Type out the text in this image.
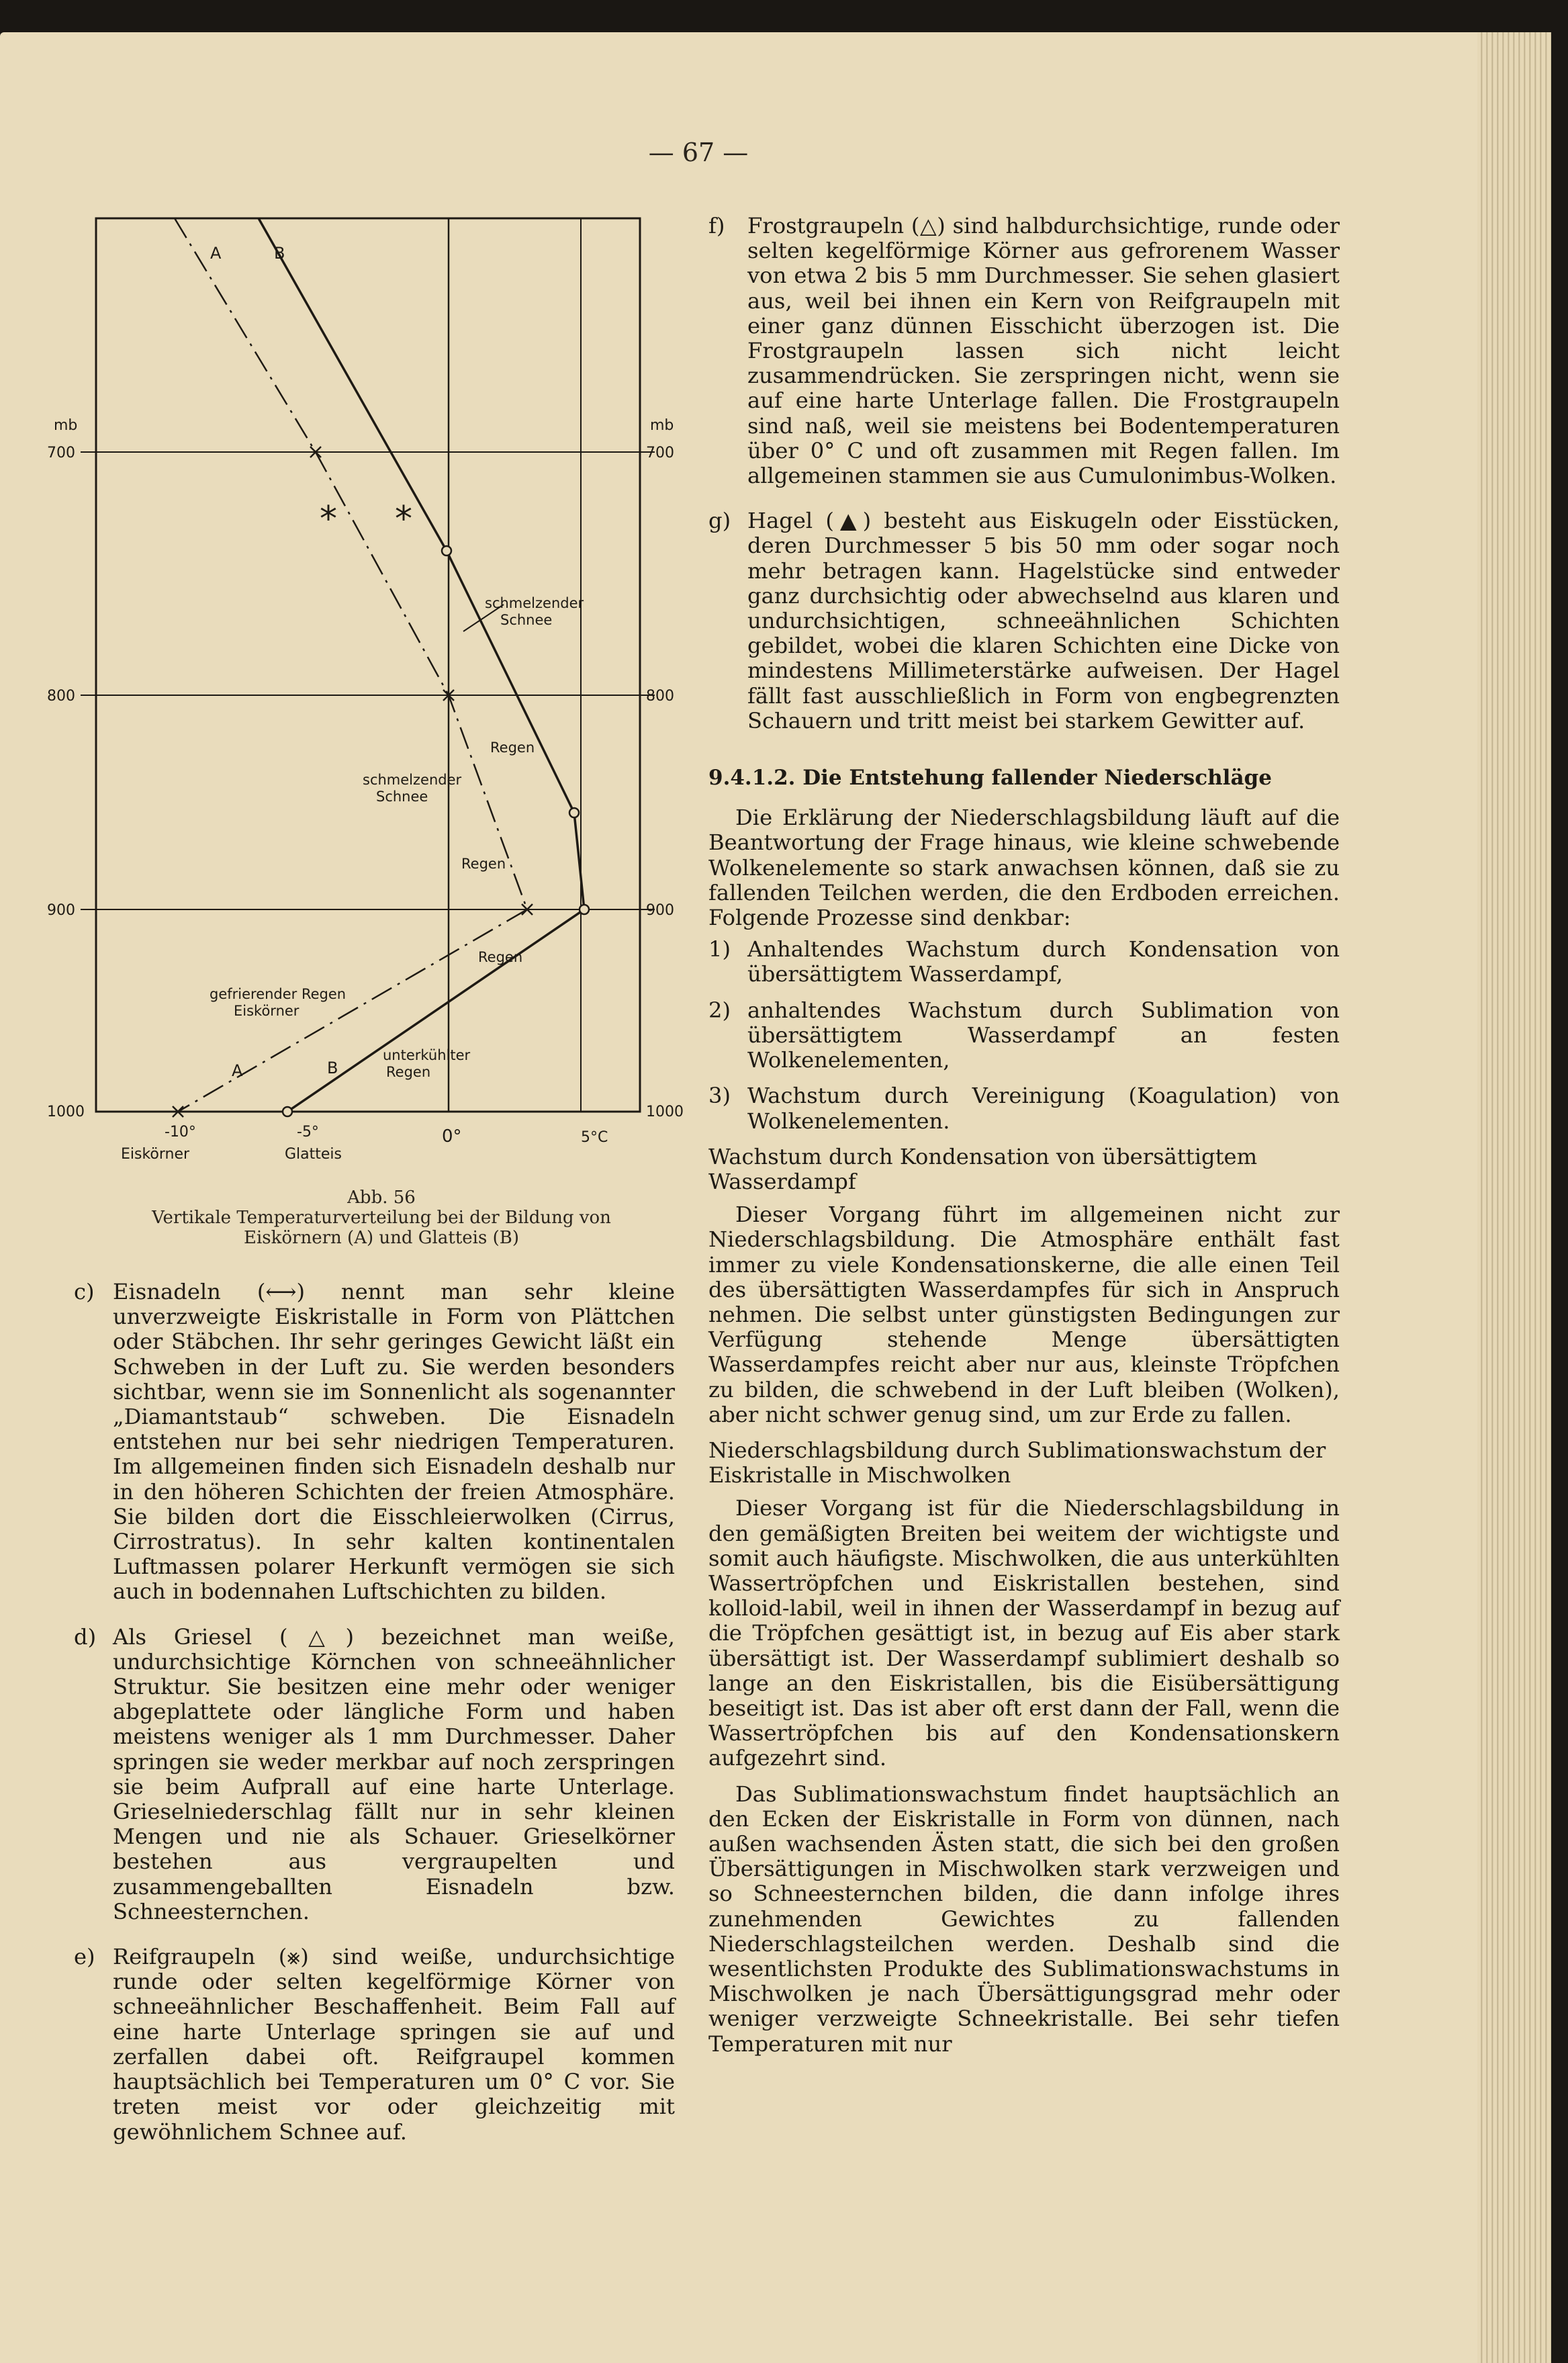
— 67 —
mb	mb
700
800
900
1000
700
800
900
1000
-10°	-5°	0°	5°C
Eiskörner	Glatteis
A	B
A	B
* *
schmelzender
Schnee
Regen
schmelzender
Schnee
Regen
Regen
gefrierender Regen
Eiskörner
unterkühlter
Regen
Abb. 56
Vertikale Temperaturverteilung bei der Bildung von
Eiskörnern (A) und Glatteis (B)

c) Eisnadeln (⟷) nennt man sehr kleine unverzweigte Eiskristalle in Form von Plättchen oder Stäbchen. Ihr sehr geringes Gewicht läßt ein Schweben in der Luft zu. Sie werden besonders sichtbar, wenn sie im Sonnenlicht als sogenannter „Diamantstaub“ schweben. Die Eisnadeln entstehen nur bei sehr niedrigen Temperaturen. Im allgemeinen finden sich Eisnadeln deshalb nur in den höheren Schichten der freien Atmosphäre. Sie bilden dort die Eisschleierwolken (Cirrus, Cirrostratus). In sehr kalten kontinentalen Luftmassen polarer Herkunft vermögen sie sich auch in bodennahen Luftschichten zu bilden.

d) Als Griesel (△) bezeichnet man weiße, undurchsichtige Körnchen von schneeähnlicher Struktur. Sie besitzen eine mehr oder weniger abgeplattete oder längliche Form und haben meistens weniger als 1 mm Durchmesser. Daher springen sie weder merkbar auf noch zerspringen sie beim Aufprall auf eine harte Unterlage. Grieselniederschlag fällt nur in sehr kleinen Mengen und nie als Schauer. Grieselkörner bestehen aus vergraupelten und zusammengeballten Eisnadeln bzw. Schneesternchen.

e) Reifgraupeln (⨳) sind weiße, undurchsichtige runde oder selten kegelförmige Körner von schneeähnlicher Beschaffenheit. Beim Fall auf eine harte Unterlage springen sie auf und zerfallen dabei oft. Reifgraupel kommen hauptsächlich bei Temperaturen um 0° C vor. Sie treten meist vor oder gleichzeitig mit gewöhnlichem Schnee auf.

f) Frostgraupeln (△) sind halbdurchsichtige, runde oder selten kegelförmige Körner aus gefrorenem Wasser von etwa 2 bis 5 mm Durchmesser. Sie sehen glasiert aus, weil bei ihnen ein Kern von Reifgraupeln mit einer ganz dünnen Eisschicht überzogen ist. Die Frostgraupeln lassen sich nicht leicht zusammendrücken. Sie zerspringen nicht, wenn sie auf eine harte Unterlage fallen. Die Frostgraupeln sind naß, weil sie meistens bei Bodentemperaturen über 0° C und oft zusammen mit Regen fallen. Im allgemeinen stammen sie aus Cumulonimbus-Wolken.

g) Hagel (▲) besteht aus Eiskugeln oder Eisstücken, deren Durchmesser 5 bis 50 mm oder sogar noch mehr betragen kann. Hagelstücke sind entweder ganz durchsichtig oder abwechselnd aus klaren und undurchsichtigen, schneeähnlichen Schichten gebildet, wobei die klaren Schichten eine Dicke von mindestens Millimeterstärke aufweisen. Der Hagel fällt fast ausschließlich in Form von engbegrenzten Schauern und tritt meist bei starkem Gewitter auf.

9.4.1.2. Die Entstehung fallender Niederschläge

Die Erklärung der Niederschlagsbildung läuft auf die Beantwortung der Frage hinaus, wie kleine schwebende Wolkenelemente so stark anwachsen können, daß sie zu fallenden Teilchen werden, die den Erdboden erreichen. Folgende Prozesse sind denkbar:

1) Anhaltendes Wachstum durch Kondensation von übersättigtem Wasserdampf,

2) anhaltendes Wachstum durch Sublimation von übersättigtem Wasserdampf an festen Wolkenelementen,

3) Wachstum durch Vereinigung (Koagulation) von Wolkenelementen.

Wachstum durch Kondensation von übersättigtem Wasserdampf

Dieser Vorgang führt im allgemeinen nicht zur Niederschlagsbildung. Die Atmosphäre enthält fast immer zu viele Kondensationskerne, die alle einen Teil des übersättigten Wasserdampfes für sich in Anspruch nehmen. Die selbst unter günstigsten Bedingungen zur Verfügung stehende Menge übersättigten Wasserdampfes reicht aber nur aus, kleinste Tröpfchen zu bilden, die schwebend in der Luft bleiben (Wolken), aber nicht schwer genug sind, um zur Erde zu fallen.

Niederschlagsbildung durch Sublimationswachstum der Eiskristalle in Mischwolken

Dieser Vorgang ist für die Niederschlagsbildung in den gemäßigten Breiten bei weitem der wichtigste und somit auch häufigste. Mischwolken, die aus unterkühlten Wassertröpfchen und Eiskristallen bestehen, sind kolloid-labil, weil in ihnen der Wasserdampf in bezug auf die Tröpfchen gesättigt ist, in bezug auf Eis aber stark übersättigt ist. Der Wasserdampf sublimiert deshalb so lange an den Eiskristallen, bis die Eisübersättigung beseitigt ist. Das ist aber oft erst dann der Fall, wenn die Wassertröpfchen bis auf den Kondensationskern aufgezehrt sind.

Das Sublimationswachstum findet hauptsächlich an den Ecken der Eiskristalle in Form von dünnen, nach außen wachsenden Ästen statt, die sich bei den großen Übersättigungen in Mischwolken stark verzweigen und so Schneesternchen bilden, die dann infolge ihres zunehmenden Gewichtes zu fallenden Niederschlagsteilchen werden. Deshalb sind die wesentlichsten Produkte des Sublimationswachstums in Mischwolken je nach Übersättigungsgrad mehr oder weniger verzweigte Schneekristalle. Bei sehr tiefen Temperaturen mit nur
